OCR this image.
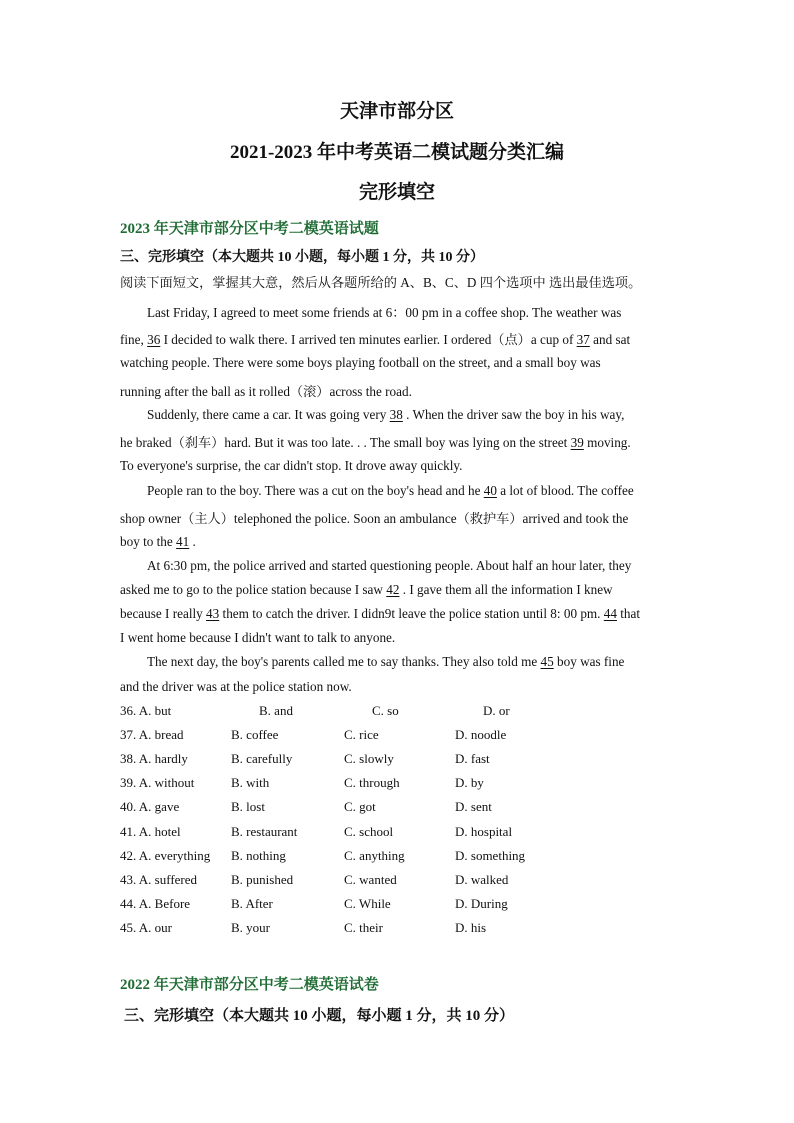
天津市部分区
2021-2023 年中考英语二模试题分类汇编
完形填空
2023 年天津市部分区中考二模英语试题
三、完形填空（本大题共 10 小题，每小题 1 分，共 10 分）
阅读下面短文，掌握其大意，然后从各题所给的 A、B、C、D 四个选项中 选出最佳选项。
Last Friday, I agreed to meet some friends at 6：00 pm in a coffee shop. The weather was
fine, 36 I decided to walk there. I arrived ten minutes earlier. I ordered（点）a cup of 37 and sat
watching people. There were some boys playing football on the street, and a small boy was
running after the ball as it rolled（滚）across the road.
Suddenly, there came a car. It was going very 38 . When the driver saw the boy in his way,
he braked（刹车）hard. But it was too late. . . The small boy was lying on the street 39 moving.
To everyone's surprise, the car didn't stop. It drove away quickly.
People ran to the boy. There was a cut on the boy's head and he 40 a lot of blood. The coffee
shop owner（主人）telephoned the police. Soon an ambulance（救护车）arrived and took the
boy to the 41 .
At 6:30 pm, the police arrived and started questioning people. About half an hour later, they
asked me to go to the police station because I saw 42 . I gave them all the information I knew
because I really 43 them to catch the driver. I didn9t leave the police station until 8: 00 pm. 44 that
I went home because I didn't want to talk to anyone.
The next day, the boy's parents called me to say thanks. They also told me 45 boy was fine
and the driver was at the police station now.
36. A. but	B. and	C. so	D. or
37. A. bread	B. coffee	C. rice	D. noodle
38. A. hardly	B. carefully	C. slowly	D. fast
39. A. without	B. with	C. through	D. by
40. A. gave	B. lost	C. got	D. sent
41. A. hotel	B. restaurant	C. school	D. hospital
42. A. everything B. nothing	C. anything	D. something
43. A. suffered	B. punished	C. wanted	D. walked
44. A. Before	B. After	C. While	D. During
45. A. our	B. your	C. their	D. his
2022 年天津市部分区中考二模英语试卷
三、完形填空（本大题共 10 小题，每小题 1 分，共 10 分）
